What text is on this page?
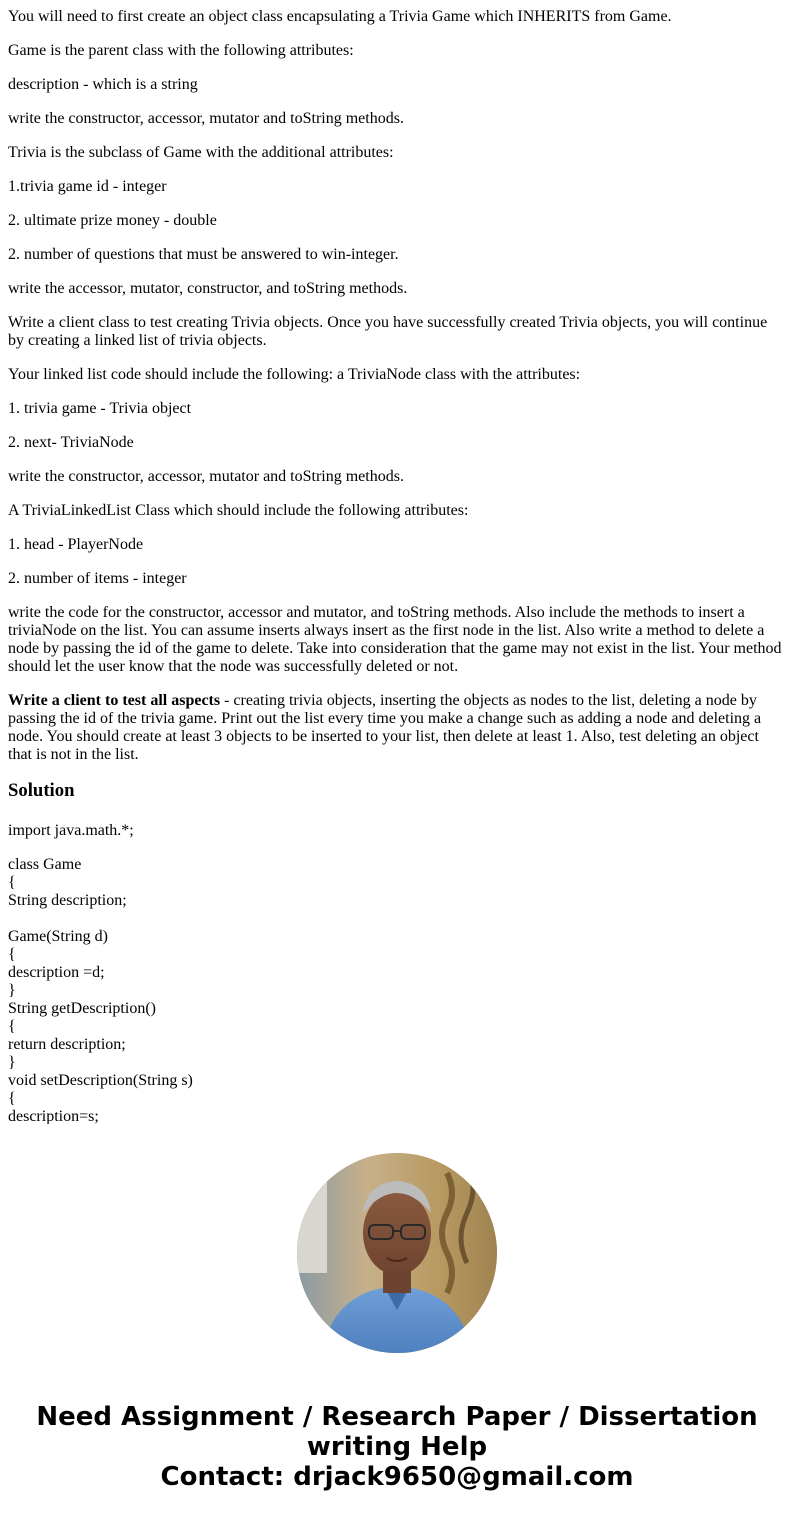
You will need to first create an object class encapsulating a Trivia Game which INHERITS from Game.

Game is the parent class with the following attributes:

description - which is a string

write the constructor, accessor, mutator and toString methods.

Trivia is the subclass of Game with the additional attributes:

1.trivia game id - integer

2. ultimate prize money - double

2. number of questions that must be answered to win-integer.

write the accessor, mutator, constructor, and toString methods.

Write a client class to test creating Trivia objects. Once you have successfully created Trivia objects, you will continue by creating a linked list of trivia objects.

Your linked list code should include the following: a TriviaNode class with the attributes:

1. trivia game - Trivia object

2. next- TriviaNode

write the constructor, accessor, mutator and toString methods.

A TriviaLinkedList Class which should include the following attributes:

1. head - PlayerNode

2. number of items - integer

write the code for the constructor, accessor and mutator, and toString methods. Also include the methods to insert a triviaNode on the list. You can assume inserts always insert as the first node in the list. Also write a method to delete a node by passing the id of the game to delete. Take into consideration that the game may not exist in the list. Your method should let the user know that the node was successfully deleted or not.

Write a client to test all aspects - creating trivia objects, inserting the objects as nodes to the list, deleting a node by passing the id of the trivia game. Print out the list every time you make a change such as adding a node and deleting a node. You should create at least 3 objects to be inserted to your list, then delete at least 1. Also, test deleting an object that is not in the list.

Solution

import java.math.*;

class Game
{
String description;

Game(String d)
{
description =d;
}
String getDescription()
{
return description;
}
void setDescription(String s)
{
description=s;
Need Assignment / Research Paper / Dissertation
writing Help
Contact: drjack9650@gmail.com
